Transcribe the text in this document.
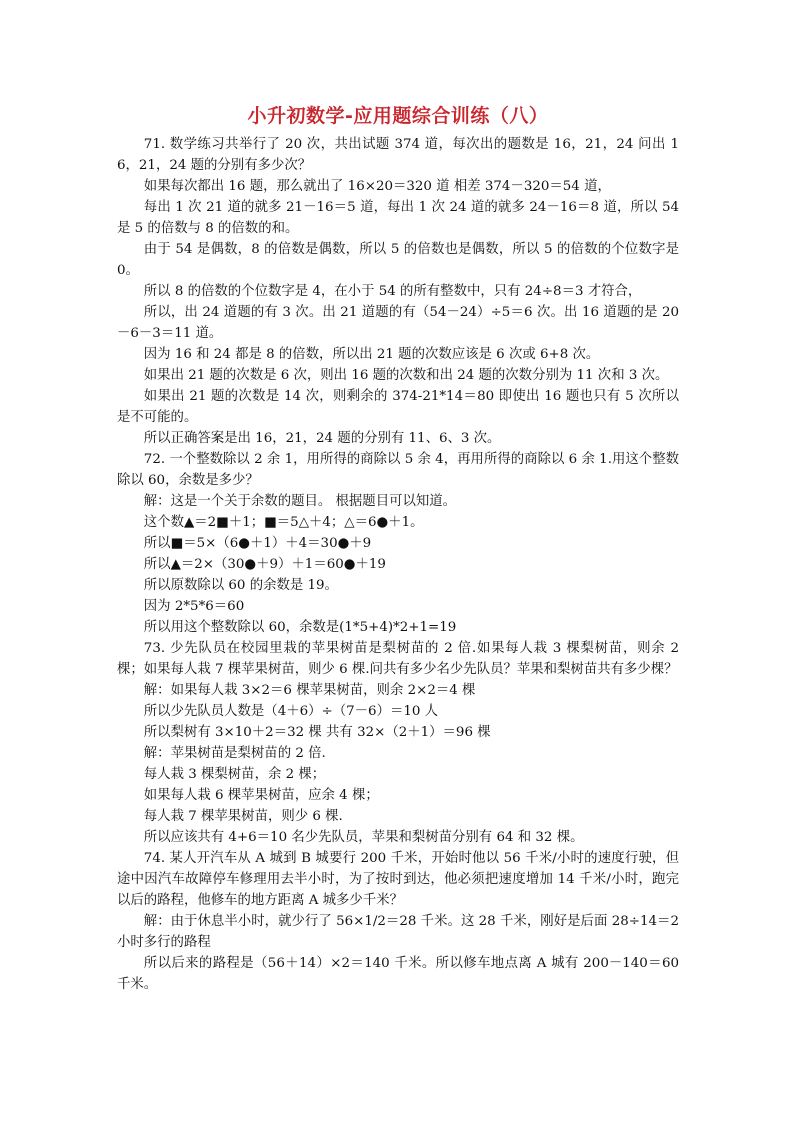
小升初数学-应用题综合训练（八）

71. 数学练习共举行了 20 次，共出试题 374 道，每次出的题数是 16，21，24 问出 16，21，24 题的分别有多少次？

如果每次都出 16 题，那么就出了 16×20＝320 道 相差 374－320＝54 道，

每出 1 次 21 道的就多 21－16＝5 道，每出 1 次 24 道的就多 24－16＝8 道，所以 54 是 5 的倍数与 8 的倍数的和。

由于 54 是偶数，8 的倍数是偶数，所以 5 的倍数也是偶数，所以 5 的倍数的个位数字是 0。

所以 8 的倍数的个位数字是 4，在小于 54 的所有整数中，只有 24÷8＝3 才符合，

所以，出 24 道题的有 3 次。出 21 道题的有（54－24）÷5＝6 次。出 16 道题的是 20－6－3＝11 道。

因为 16 和 24 都是 8 的倍数，所以出 21 题的次数应该是 6 次或 6+8 次。

如果出 21 题的次数是 6 次，则出 16 题的次数和出 24 题的次数分别为 11 次和 3 次。

如果出 21 题的次数是 14 次，则剩余的 374-21*14＝80 即使出 16 题也只有 5 次所以是不可能的。

所以正确答案是出 16，21，24 题的分别有 11、6、3 次。

72. 一个整数除以 2 余 1，用所得的商除以 5 余 4，再用所得的商除以 6 余 1.用这个整数除以 60，余数是多少？

解：这是一个关于余数的题目。 根据题目可以知道。

这个数▲＝2■＋1；■＝5△＋4；△＝6●＋1。

所以■＝5×（6●＋1）＋4＝30●＋9

所以▲＝2×（30●＋9）＋1＝60●＋19

所以原数除以 60 的余数是 19。

因为 2*5*6＝60

所以用这个整数除以 60，余数是(1*5+4)*2+1=19

73. 少先队员在校园里栽的苹果树苗是梨树苗的 2 倍.如果每人栽 3 棵梨树苗，则余 2 棵；如果每人栽 7 棵苹果树苗，则少 6 棵.问共有多少名少先队员？苹果和梨树苗共有多少棵？

解：如果每人栽 3×2＝6 棵苹果树苗，则余 2×2＝4 棵

所以少先队员人数是（4＋6）÷（7－6）＝10 人

所以梨树有 3×10＋2＝32 棵 共有 32×（2＋1）＝96 棵

解：苹果树苗是梨树苗的 2 倍.

每人栽 3 棵梨树苗，余 2 棵；

如果每人栽 6 棵苹果树苗，应余 4 棵；

每人栽 7 棵苹果树苗，则少 6 棵.

所以应该共有 4+6＝10 名少先队员，苹果和梨树苗分别有 64 和 32 棵。

74. 某人开汽车从 A 城到 B 城要行 200 千米，开始时他以 56 千米/小时的速度行驶，但途中因汽车故障停车修理用去半小时，为了按时到达，他必须把速度增加 14 千米/小时，跑完以后的路程，他修车的地方距离 A 城多少千米？

解：由于休息半小时，就少行了 56×1/2＝28 千米。这 28 千米，刚好是后面 28÷14＝2 小时多行的路程

所以后来的路程是（56＋14）×2＝140 千米。所以修车地点离 A 城有 200－140＝60 千米。
